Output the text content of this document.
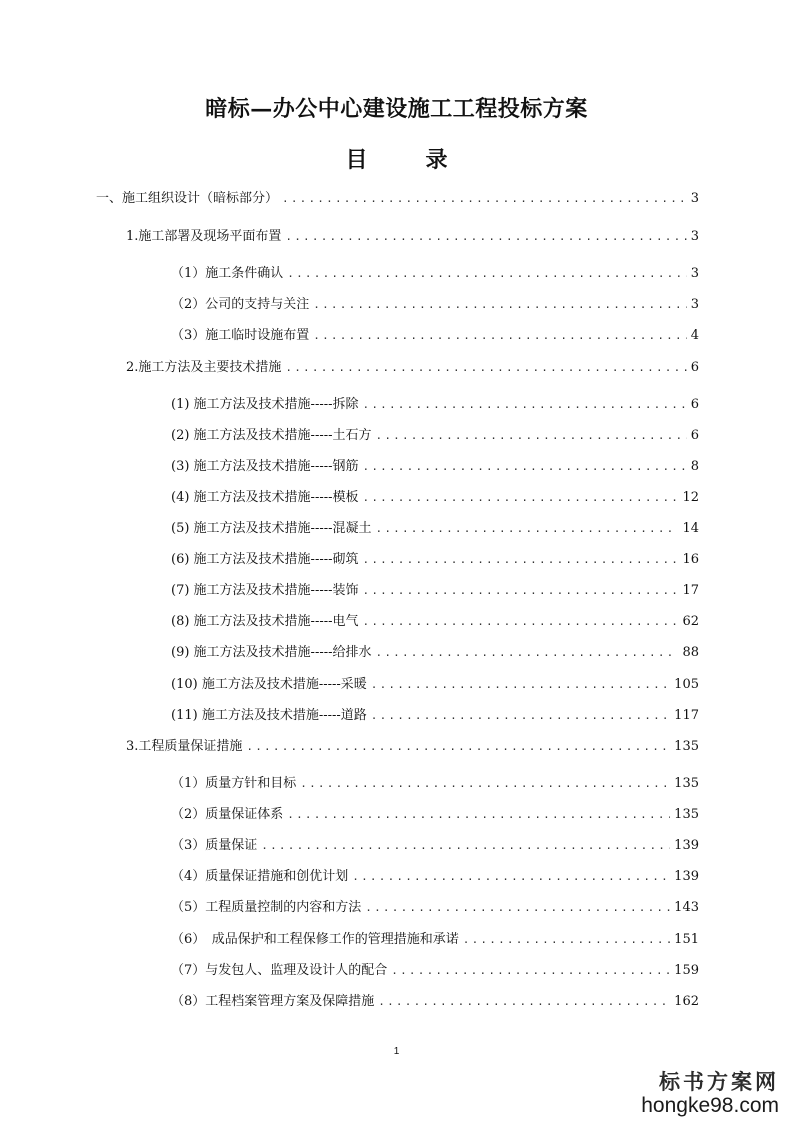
暗标—办公中心建设施工工程投标方案
目　录
一、施工组织设计（暗标部分） .....	3
1.施工部署及现场平面布置 .....	3
（1）施工条件确认 .....	3
（2）公司的支持与关注 .....	3
（3）施工临时设施布置 .....	4
2.施工方法及主要技术措施 .....	6
(1) 施工方法及技术措施-----拆除 .....	6
(2) 施工方法及技术措施-----土石方 .....	6
(3) 施工方法及技术措施-----钢筋 .....	8
(4) 施工方法及技术措施-----模板 .....	12
(5) 施工方法及技术措施-----混凝土 .....	14
(6) 施工方法及技术措施-----砌筑 .....	16
(7) 施工方法及技术措施-----装饰 .....	17
(8) 施工方法及技术措施-----电气 .....	62
(9) 施工方法及技术措施-----给排水 .....	88
(10) 施工方法及技术措施-----采暖 .....	105
(11) 施工方法及技术措施-----道路 .....	117
3.工程质量保证措施 .....	135
（1）质量方针和目标 .....	135
（2）质量保证体系 .....	135
（3）质量保证 .....	139
（4）质量保证措施和创优计划 .....	139
（5）工程质量控制的内容和方法 .....	143
（6）　成品保护和工程保修工作的管理措施和承诺 .....	151
（7）与发包人、监理及设计人的配合 .....	159
（8）工程档案管理方案及保障措施 .....	162
1
标书方案网
hongke98.com
